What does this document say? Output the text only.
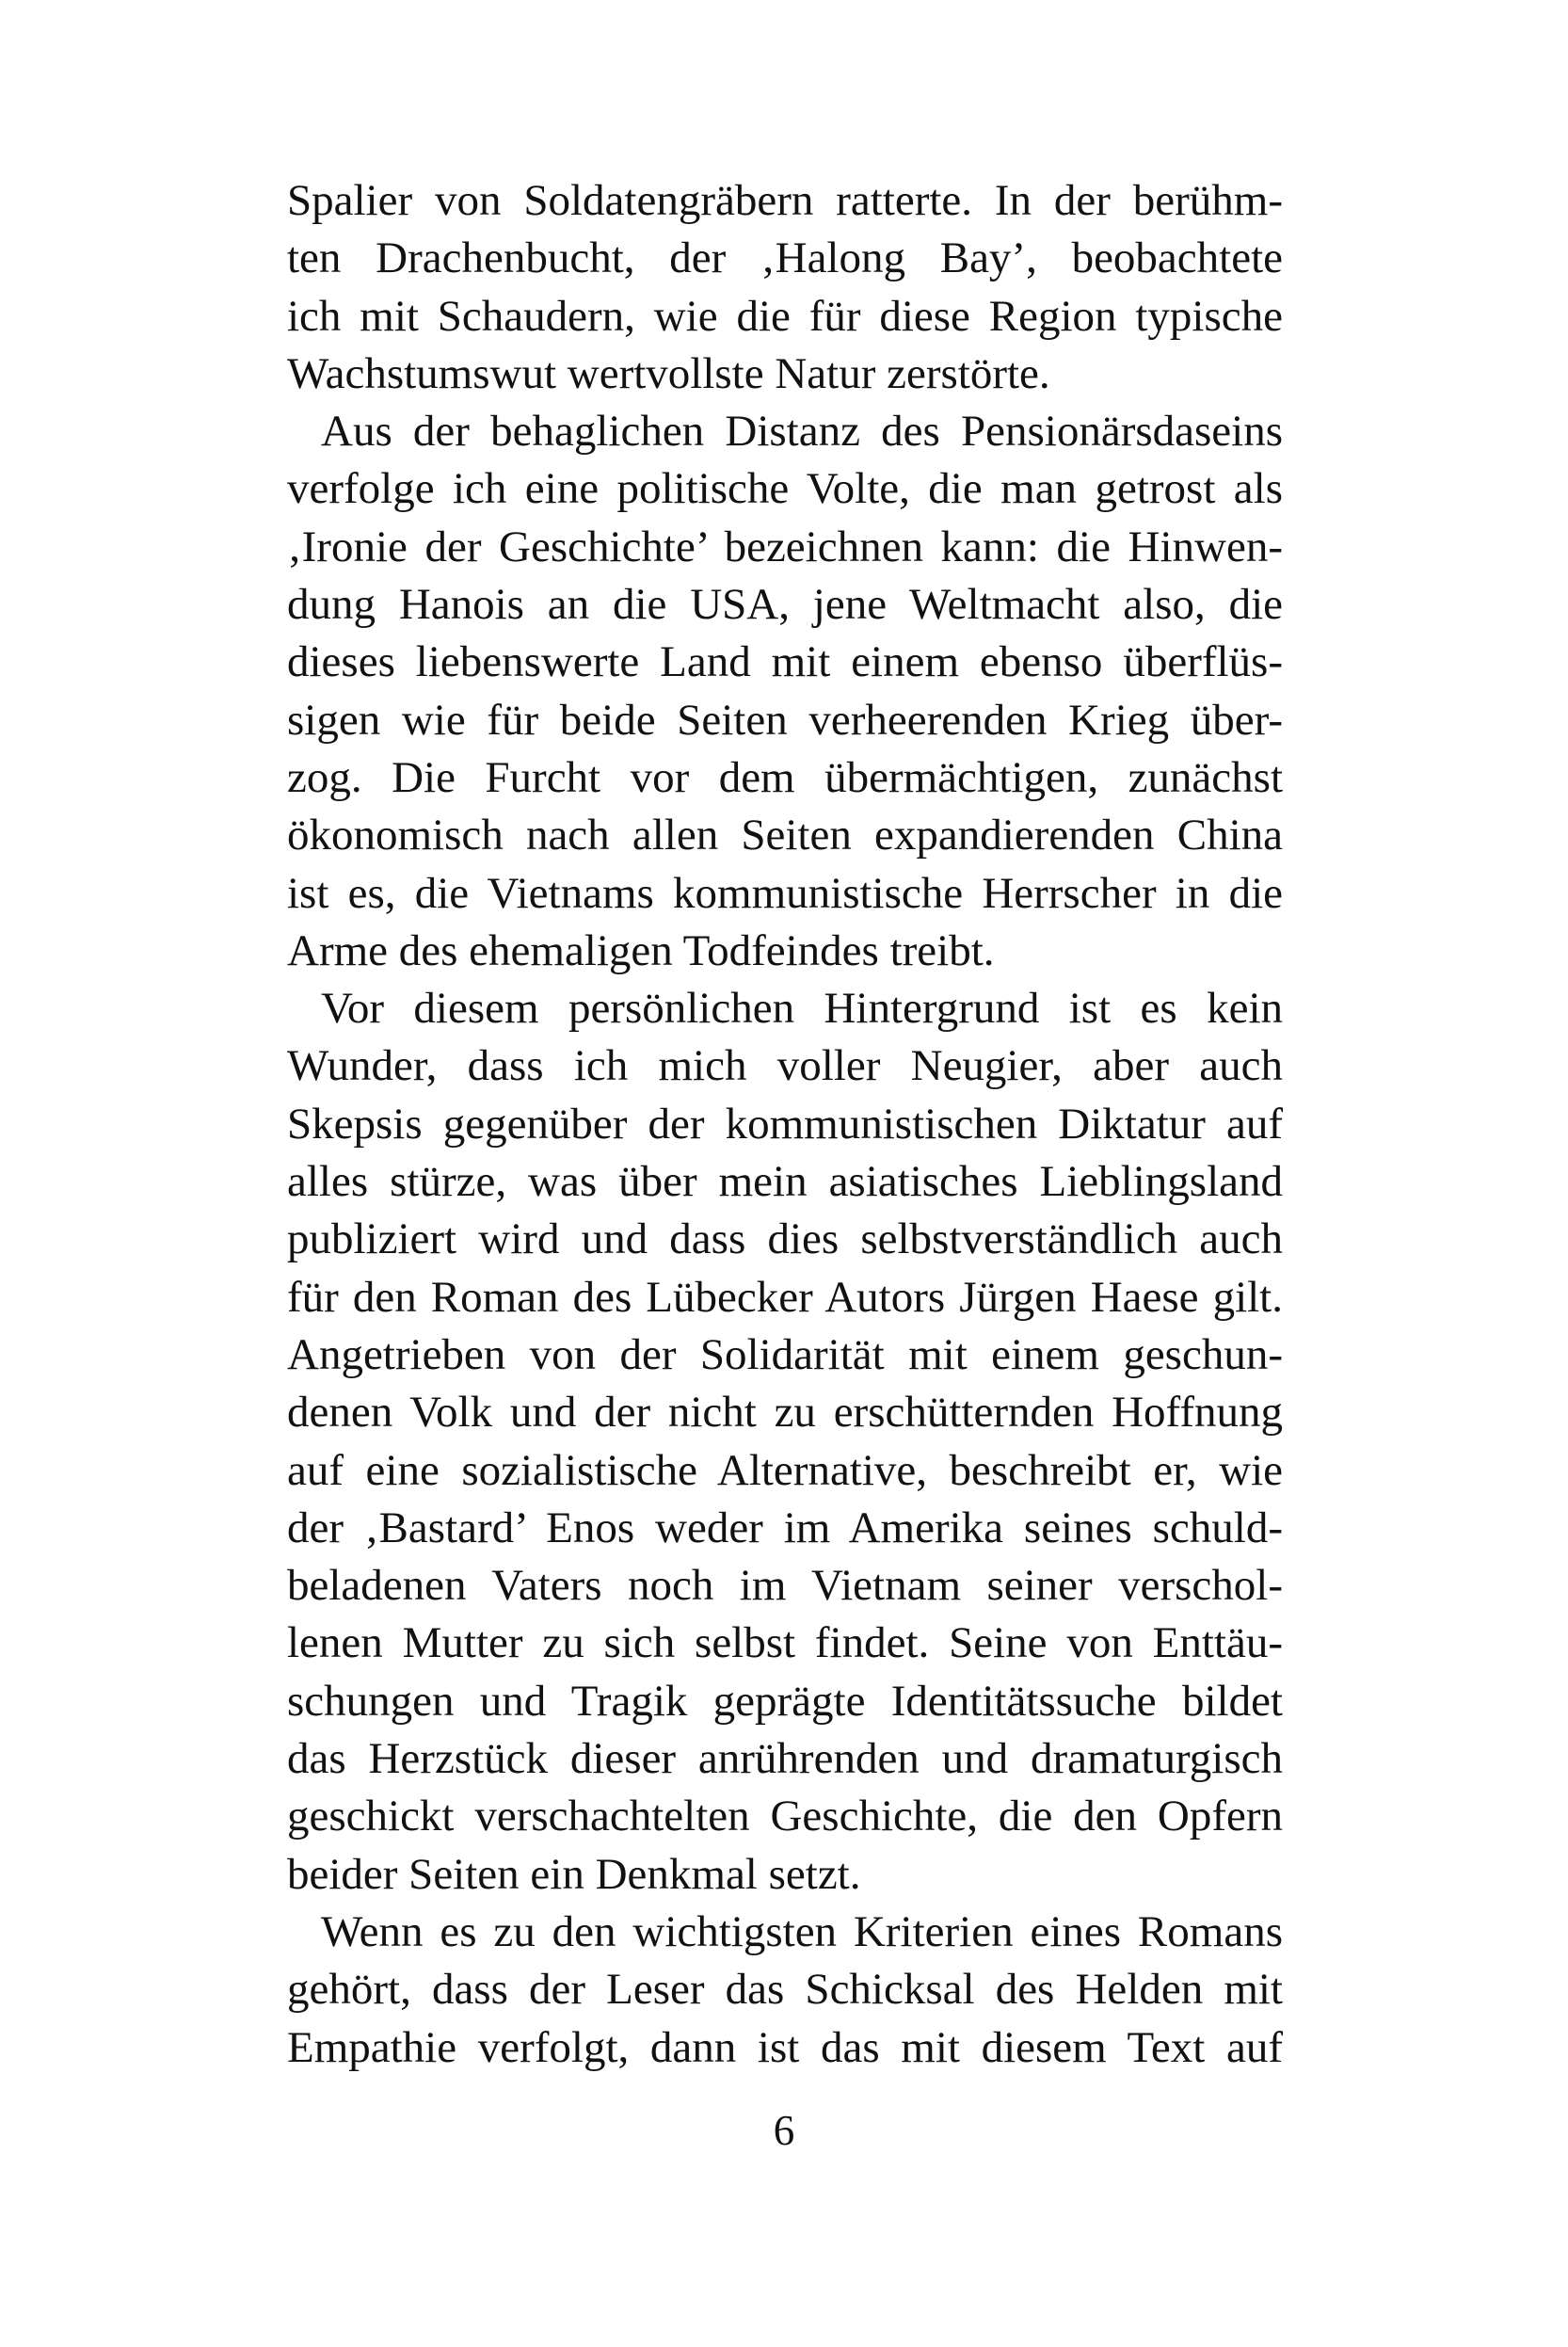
Spalier von Soldatengräbern ratterte. In der berühm-
ten Drachenbucht, der ‚Halong Bay’, beobachtete
ich mit Schaudern, wie die für diese Region typische
Wachstumswut wertvollste Natur zerstörte.
Aus der behaglichen Distanz des Pensionärsdaseins
verfolge ich eine politische Volte, die man getrost als
‚Ironie der Geschichte’ bezeichnen kann: die Hinwen-
dung Hanois an die USA, jene Weltmacht also, die
dieses liebenswerte Land mit einem ebenso überflüs-
sigen wie für beide Seiten verheerenden Krieg über-
zog. Die Furcht vor dem übermächtigen, zunächst
ökonomisch nach allen Seiten expandierenden China
ist es, die Vietnams kommunistische Herrscher in die
Arme des ehemaligen Todfeindes treibt.
Vor diesem persönlichen Hintergrund ist es kein
Wunder, dass ich mich voller Neugier, aber auch
Skepsis gegenüber der kommunistischen Diktatur auf
alles stürze, was über mein asiatisches Lieblingsland
publiziert wird und dass dies selbstverständlich auch
für den Roman des Lübecker Autors Jürgen Haese gilt.
Angetrieben von der Solidarität mit einem geschun-
denen Volk und der nicht zu erschütternden Hoffnung
auf eine sozialistische Alternative, beschreibt er, wie
der ‚Bastard’ Enos weder im Amerika seines schuld-
beladenen Vaters noch im Vietnam seiner verschol-
lenen Mutter zu sich selbst findet. Seine von Enttäu-
schungen und Tragik geprägte Identitätssuche bildet
das Herzstück dieser anrührenden und dramaturgisch
geschickt verschachtelten Geschichte, die den Opfern
beider Seiten ein Denkmal setzt.
Wenn es zu den wichtigsten Kriterien eines Romans
gehört, dass der Leser das Schicksal des Helden mit
Empathie verfolgt, dann ist das mit diesem Text auf
6
